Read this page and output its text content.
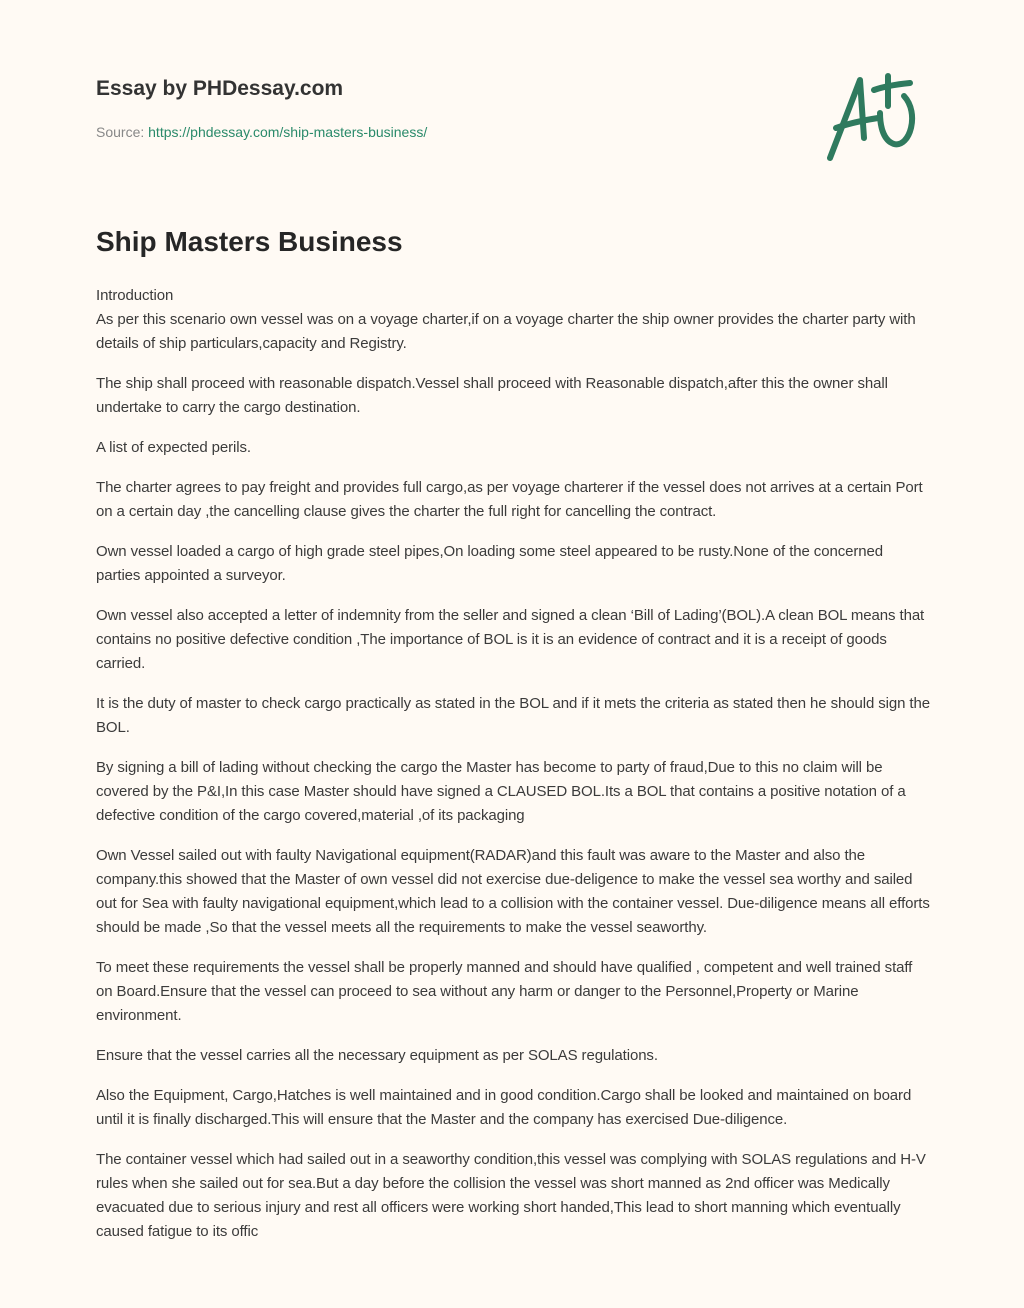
Essay by PHDessay.com
Source: https://phdessay.com/ship-masters-business/
Ship Masters Business

Introduction
As per this scenario own vessel was on a voyage charter,if on a voyage charter the ship owner provides the charter party with details of ship particulars,capacity and Registry.

The ship shall proceed with reasonable dispatch.Vessel shall proceed with Reasonable dispatch,after this the owner shall undertake to carry the cargo destination.

A list of expected perils.

The charter agrees to pay freight and provides full cargo,as per voyage charterer if the vessel does not arrives at a certain Port on a certain day ,the cancelling clause gives the charter the full right for cancelling the contract.

Own vessel loaded a cargo of high grade steel pipes,On loading some steel appeared to be rusty.None of the concerned parties appointed a surveyor.

Own vessel also accepted a letter of indemnity from the seller and signed a clean ‘Bill of Lading’(BOL).A clean BOL means that contains no positive defective condition ,The importance of BOL is it is an evidence of contract and it is a receipt of goods carried.

It is the duty of master to check cargo practically as stated in the BOL and if it mets the criteria as stated then he should sign the BOL.

By signing a bill of lading without checking the cargo the Master has become to party of fraud,Due to this no claim will be covered by the P&I,In this case Master should have signed a CLAUSED BOL.Its a BOL that contains a positive notation of a defective condition of the cargo covered,material ,of its packaging

Own Vessel sailed out with faulty Navigational equipment(RADAR)and this fault was aware to the Master and also the company.this showed that the Master of own vessel did not exercise due-deligence to make the vessel sea worthy and sailed out for Sea with faulty navigational equipment,which lead to a collision with the container vessel. Due-diligence means all efforts should be made ,So that the vessel meets all the requirements to make the vessel seaworthy.

To meet these requirements the vessel shall be properly manned and should have qualified , competent and well trained staff on Board.Ensure that the vessel can proceed to sea without any harm or danger to the Personnel,Property or Marine environment.

Ensure that the vessel carries all the necessary equipment as per SOLAS regulations.

Also the Equipment, Cargo,Hatches is well maintained and in good condition.Cargo shall be looked and maintained on board until it is finally discharged.This will ensure that the Master and the company has exercised Due-diligence.

The container vessel which had sailed out in a seaworthy condition,this vessel was complying with SOLAS regulations and H-V rules when she sailed out for sea.But a day before the collision the vessel was short manned as 2nd officer was Medically evacuated due to serious injury and rest all officers were working short handed,This lead to short manning which eventually caused fatigue to its offic
